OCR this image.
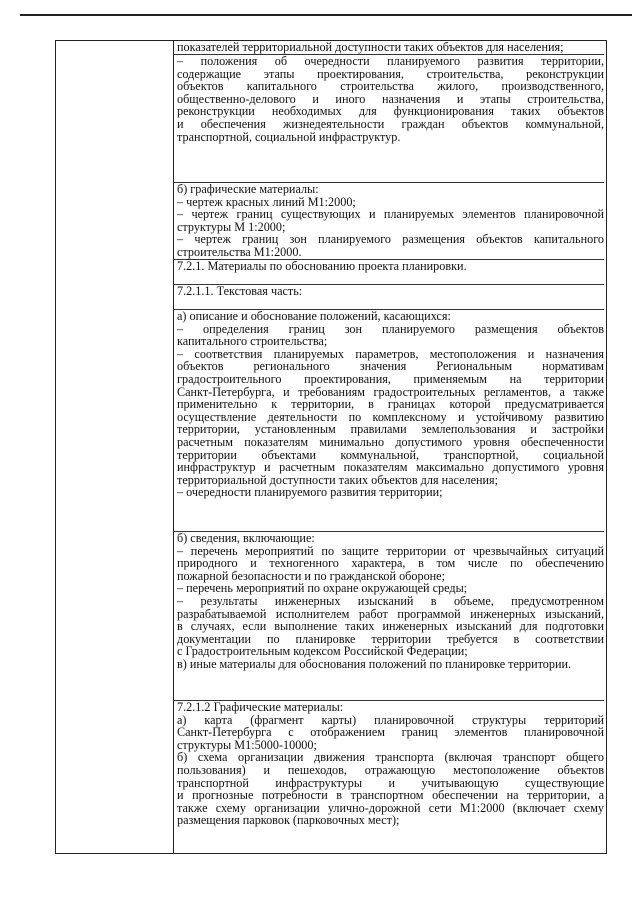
показателей территориальной доступности таких объектов для населения;
– положения об очередности планируемого развития территории,
содержащие этапы проектирования, строительства, реконструкции
объектов капитального строительства жилого, производственного,
общественно-делового и иного назначения и этапы строительства,
реконструкции необходимых для функционирования таких объектов
и обеспечения жизнедеятельности граждан объектов коммунальной,
транспортной, социальной инфраструктур.
б) графические материалы:
– чертеж красных линий М1:2000;
– чертеж границ существующих и планируемых элементов планировочной
структуры М 1:2000;
– чертеж границ зон планируемого размещения объектов капитального
строительства М1:2000.
7.2.1. Материалы по обоснованию проекта планировки.
7.2.1.1. Текстовая часть:
а) описание и обоснование положений, касающихся:
– определения границ зон планируемого размещения объектов
капитального строительства;
– соответствия планируемых параметров, местоположения и назначения
объектов регионального значения Региональным нормативам
градостроительного проектирования, применяемым на территории
Санкт-Петербурга, и требованиям градостроительных регламентов, а также
применительно к территории, в границах которой предусматривается
осуществление деятельности по комплексному и устойчивому развитию
территории, установленным правилами землепользования и застройки
расчетным показателям минимально допустимого уровня обеспеченности
территории объектами коммунальной, транспортной, социальной
инфраструктур и расчетным показателям максимально допустимого уровня
территориальной доступности таких объектов для населения;
– очередности планируемого развития территории;
б) сведения, включающие:
– перечень мероприятий по защите территории от чрезвычайных ситуаций
природного и техногенного характера, в том числе по обеспечению
пожарной безопасности и по гражданской обороне;
– перечень мероприятий по охране окружающей среды;
– результаты инженерных изысканий в объеме, предусмотренном
разрабатываемой исполнителем работ программой инженерных изысканий,
в случаях, если выполнение таких инженерных изысканий для подготовки
документации по планировке территории требуется в соответствии
с Градостроительным кодексом Российской Федерации;
в) иные материалы для обоснования положений по планировке территории.
7.2.1.2 Графические материалы:
а) карта (фрагмент карты) планировочной структуры территорий
Санкт-Петербурга с отображением границ элементов планировочной
структуры М1:5000-10000;
б) схема организации движения транспорта (включая транспорт общего
пользования) и пешеходов, отражающую местоположение объектов
транспортной инфраструктуры и учитывающую существующие
и прогнозные потребности в транспортном обеспечении на территории, а
также схему организации улично-дорожной сети М1:2000 (включает схему
размещения парковок (парковочных мест);
